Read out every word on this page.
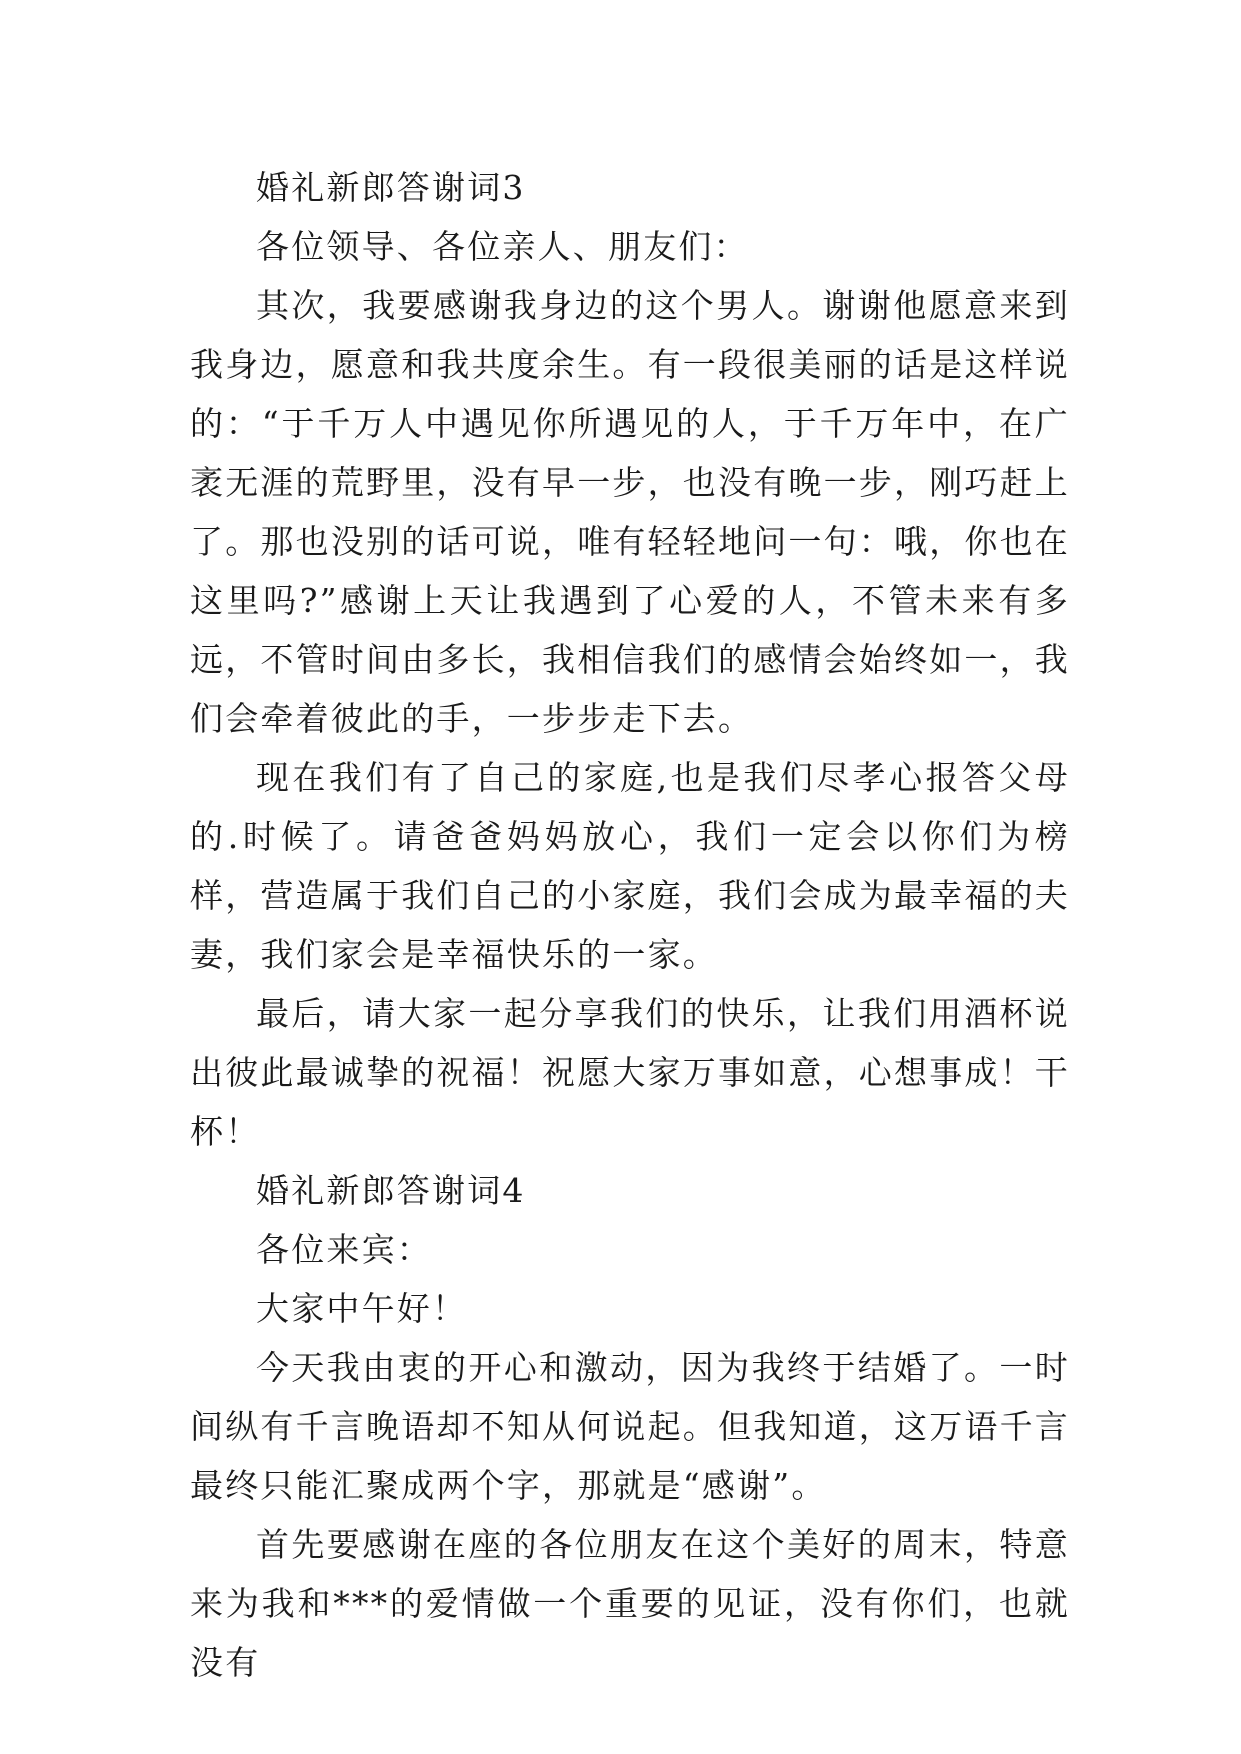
婚礼新郎答谢词3

各位领导、各位亲人、朋友们：

其次，我要感谢我身边的这个男人。谢谢他愿意来到我身边，愿意和我共度余生。有一段很美丽的话是这样说的：“于千万人中遇见你所遇见的人，于千万年中，在广袤无涯的荒野里，没有早一步，也没有晚一步，刚巧赶上了。那也没别的话可说，唯有轻轻地问一句：哦，你也在这里吗?”感谢上天让我遇到了心爱的人，不管未来有多远，不管时间由多长，我相信我们的感情会始终如一，我们会牵着彼此的手，一步步走下去。

现在我们有了自己的家庭,也是我们尽孝心报答父母的.时候了。请爸爸妈妈放心，我们一定会以你们为榜样，营造属于我们自己的小家庭，我们会成为最幸福的夫妻，我们家会是幸福快乐的一家。

最后，请大家一起分享我们的快乐，让我们用酒杯说出彼此最诚挚的祝福！祝愿大家万事如意，心想事成！干杯！

婚礼新郎答谢词4

各位来宾：

大家中午好！

今天我由衷的开心和激动，因为我终于结婚了。一时间纵有千言晚语却不知从何说起。但我知道，这万语千言最终只能汇聚成两个字，那就是“感谢”。

首先要感谢在座的各位朋友在这个美好的周末，特意来为我和***的爱情做一个重要的见证，没有你们，也就没有
